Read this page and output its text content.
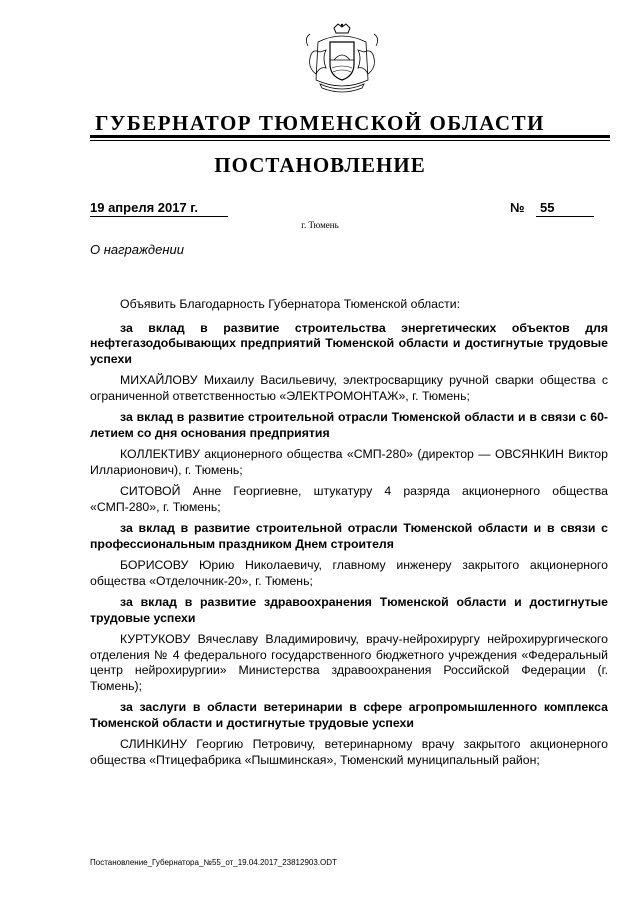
ГУБЕРНАТОР ТЮМЕНСКОЙ ОБЛАСТИ
ПОСТАНОВЛЕНИЕ
19 апреля 2017 г.	№	55
г. Тюмень
О награждении

Объявить Благодарность Губернатора Тюменской области:

за вклад в развитие строительства энергетических объектов для нефтегазодобывающих предприятий Тюменской области и достигнутые трудовые успехи

МИХАЙЛОВУ Михаилу Васильевичу, электросварщику ручной сварки общества с ограниченной ответственностью «ЭЛЕКТРОМОНТАЖ», г. Тюмень;

за вклад в развитие строительной отрасли Тюменской области и в связи с 60-летием со дня основания предприятия

КОЛЛЕКТИВУ акционерного общества «СМП-280» (директор — ОВСЯНКИН Виктор Илларионович), г. Тюмень;

СИТОВОЙ Анне Георгиевне, штукатуру 4 разряда акционерного общества «СМП-280», г. Тюмень;

за вклад в развитие строительной отрасли Тюменской области и в связи с профессиональным праздником Днем строителя

БОРИСОВУ Юрию Николаевичу, главному инженеру закрытого акционерного общества «Отделочник-20», г. Тюмень;

за вклад в развитие здравоохранения Тюменской области и достигнутые трудовые успехи

КУРТУКОВУ Вячеславу Владимировичу, врачу-нейрохирургу нейрохирургического отделения № 4 федерального государственного бюджетного учреждения «Федеральный центр нейрохирургии» Министерства здравоохранения Российской Федерации (г. Тюмень);

за заслуги в области ветеринарии в сфере агропромышленного комплекса Тюменской области и достигнутые трудовые успехи

СЛИНКИНУ Георгию Петровичу, ветеринарному врачу закрытого акционерного общества «Птицефабрика «Пышминская», Тюменский муниципальный район;

Постановление_Губернатора_№55_от_19.04.2017_23812903.ODT
